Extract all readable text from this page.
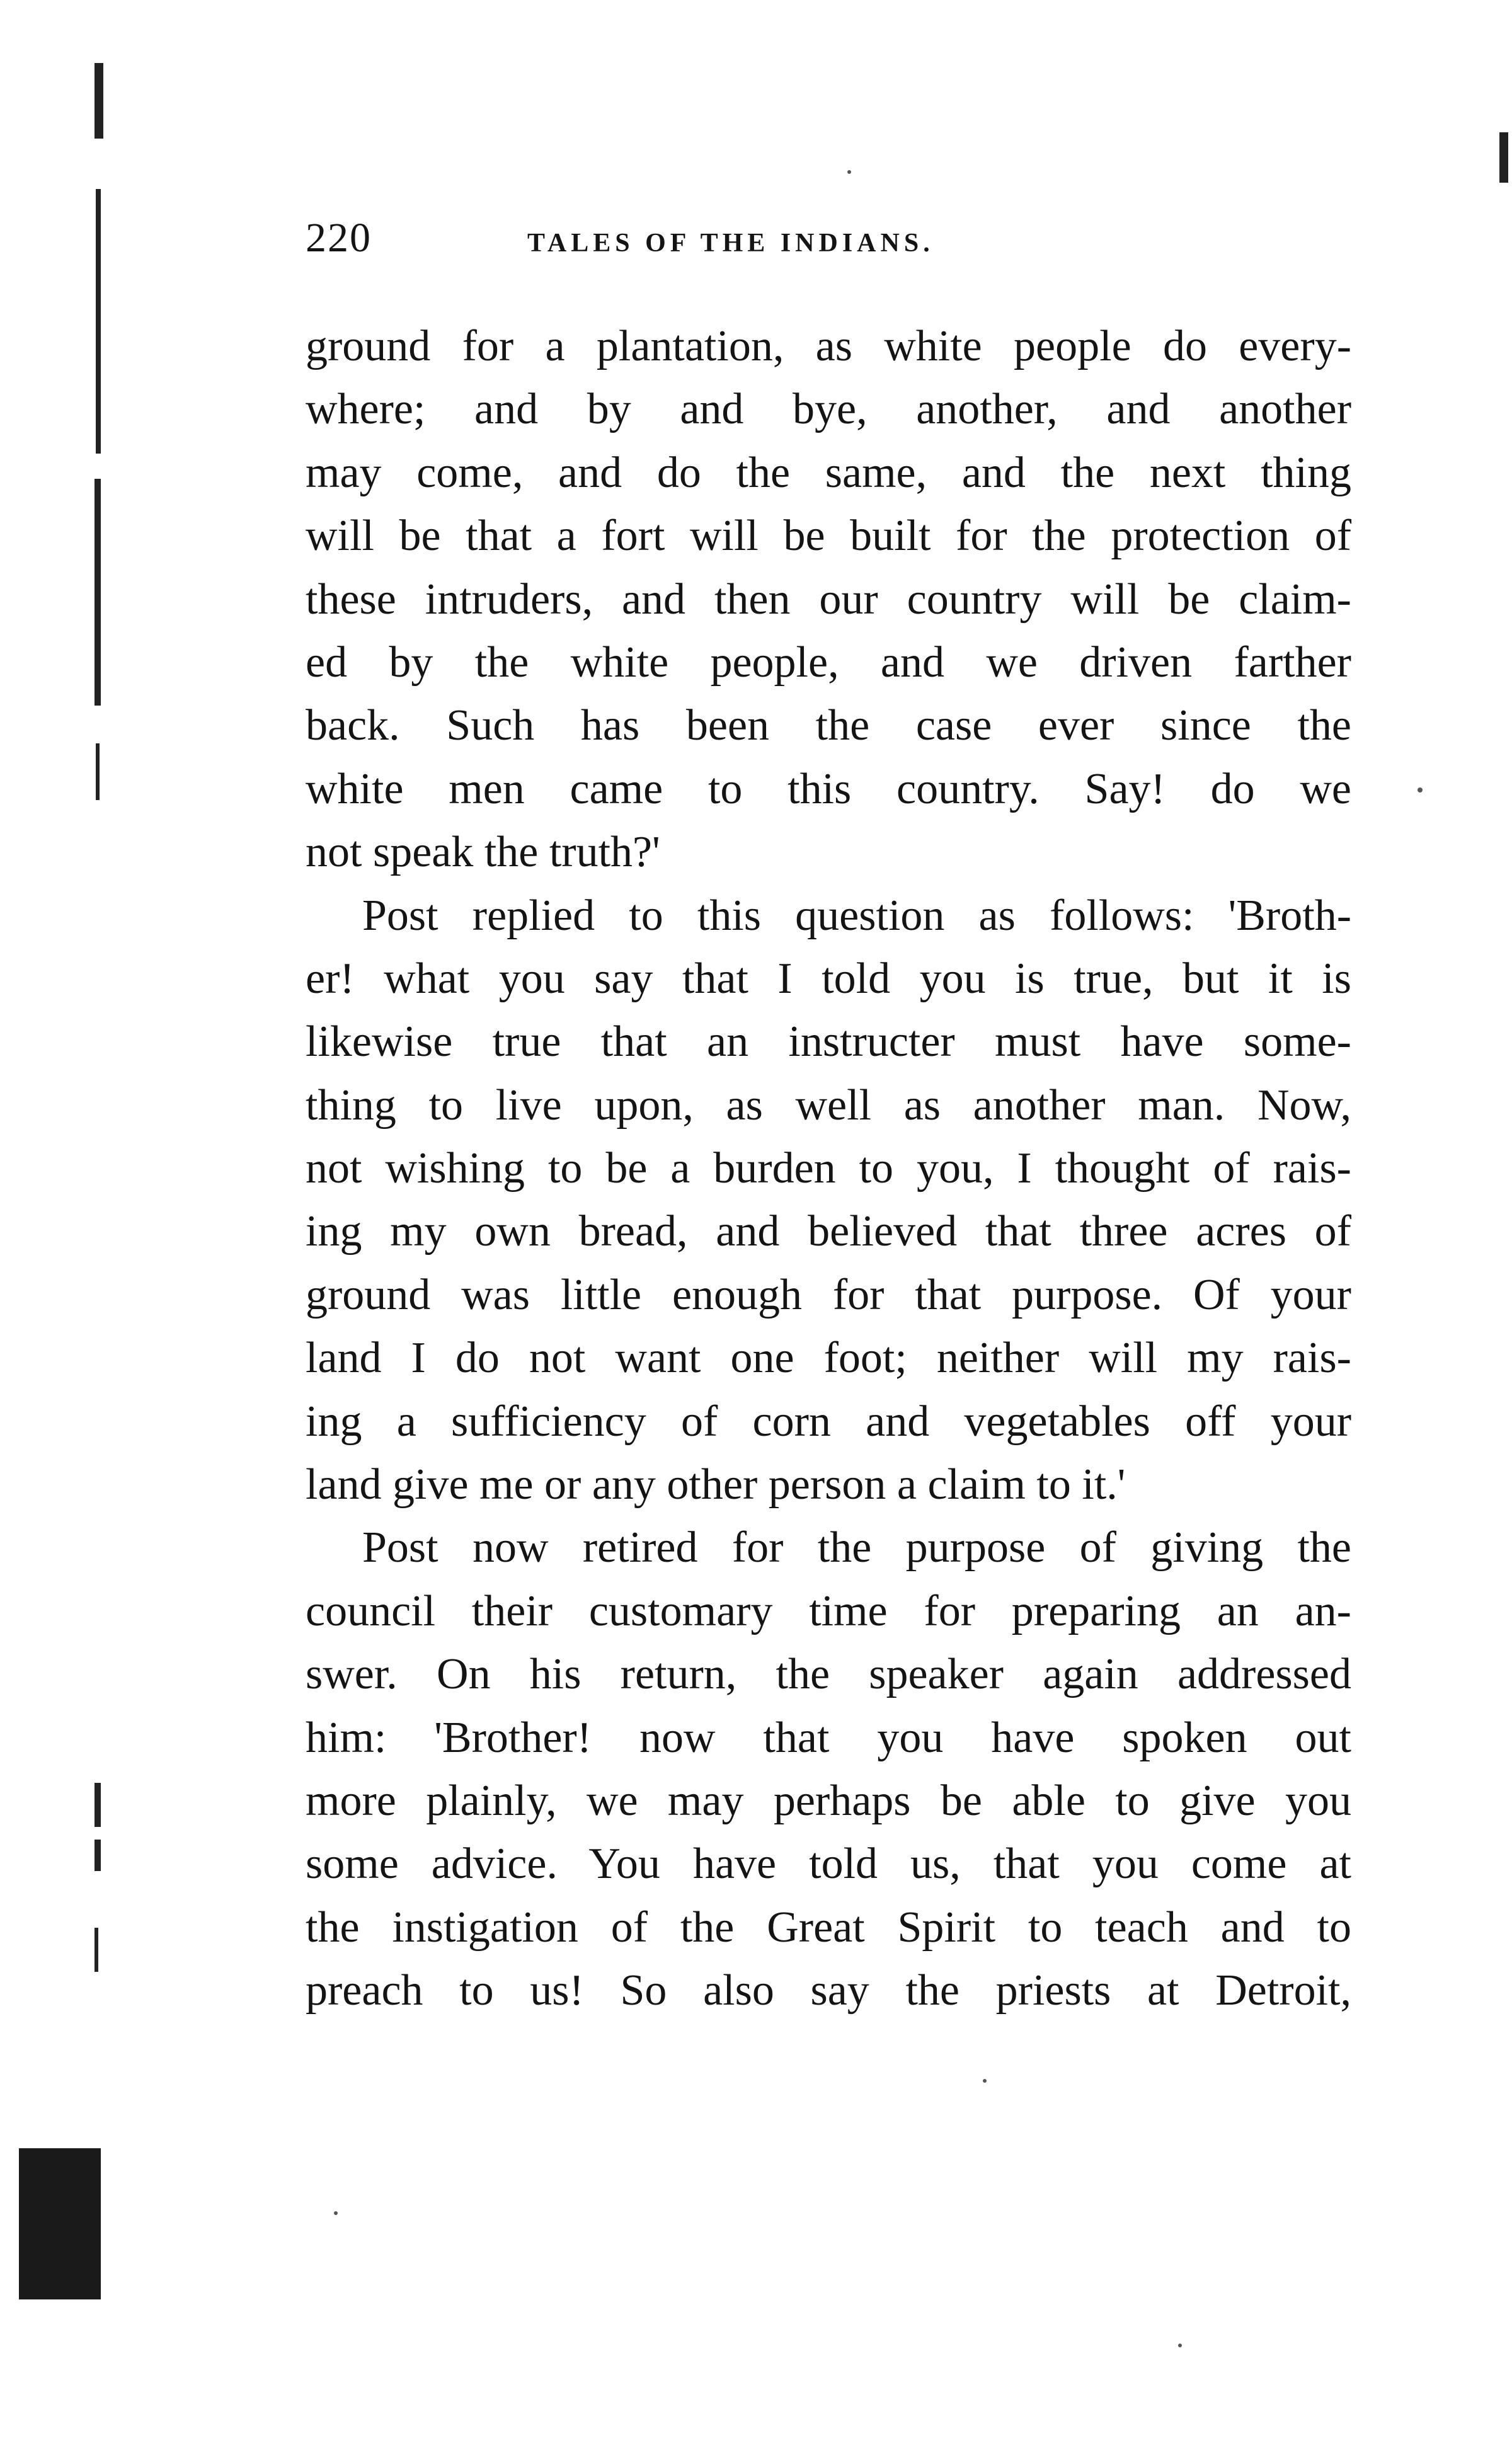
220	TALES OF THE INDIANS.
ground for a plantation, as white people do every-
where; and by and bye, another, and another
may come, and do the same, and the next thing
will be that a fort will be built for the protection of
these intruders, and then our country will be claim-
ed by the white people, and we driven farther
back. Such has been the case ever since the
white men came to this country. Say! do we
not speak the truth?'
Post replied to this question as follows: 'Broth-
er! what you say that I told you is true, but it is
likewise true that an instructer must have some-
thing to live upon, as well as another man. Now,
not wishing to be a burden to you, I thought of rais-
ing my own bread, and believed that three acres of
ground was little enough for that purpose. Of your
land I do not want one foot; neither will my rais-
ing a sufficiency of corn and vegetables off your
land give me or any other person a claim to it.'
Post now retired for the purpose of giving the
council their customary time for preparing an an-
swer. On his return, the speaker again addressed
him: 'Brother! now that you have spoken out
more plainly, we may perhaps be able to give you
some advice. You have told us, that you come at
the instigation of the Great Spirit to teach and to
preach to us! So also say the priests at Detroit,
